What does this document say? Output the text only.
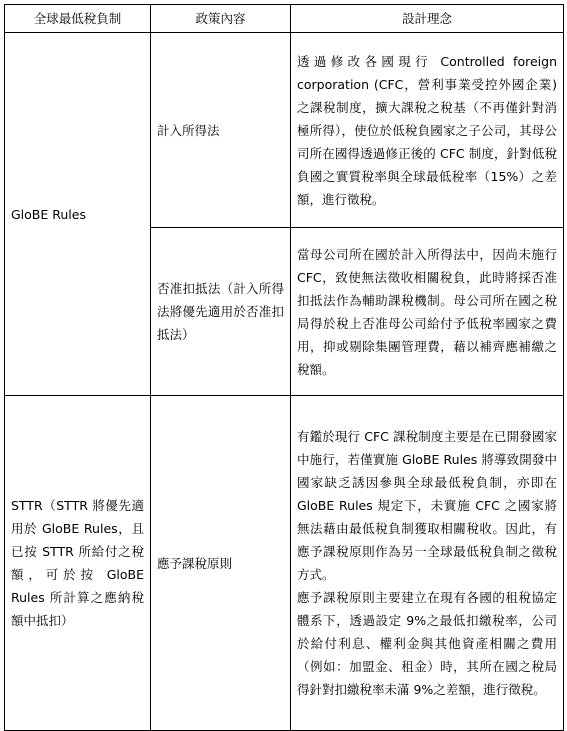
全球最低稅負制	政策內容	設計理念
GloBE Rules	計入所得法	透過修改各國現行 Controlled foreign corporation (CFC，營利事業受控外國企業)之課稅制度，擴大課稅之稅基（不再僅針對消極所得），使位於低稅負國家之子公司，其母公司所在國得透過修正後的 CFC 制度，針對低稅負國之實質稅率與全球最低稅率（15%）之差額，進行徵稅。
	否准扣抵法（計入所得法將優先適用於否准扣抵法）	當母公司所在國於計入所得法中，因尚未施行 CFC，致使無法徵收相關稅負，此時將採否准扣抵法作為輔助課稅機制。母公司所在國之稅局得於稅上否准母公司給付予低稅率國家之費用，抑或剔除集團管理費，藉以補齊應補繳之稅額。
STTR（STTR 將優先適用於 GloBE Rules，且已按 STTR 所給付之稅額，可於按 GloBE Rules 所計算之應納稅額中抵扣）	應予課稅原則	有鑑於現行 CFC 課稅制度主要是在已開發國家中施行，若僅實施 GloBE Rules 將導致開發中國家缺乏誘因參與全球最低稅負制，亦即在 GloBE Rules 規定下，未實施 CFC 之國家將無法藉由最低稅負制獲取相關稅收。因此，有應予課稅原則作為另一全球最低稅負制之徵稅方式。
應予課稅原則主要建立在現有各國的租稅協定體系下，透過設定 9%之最低扣繳稅率，公司於給付利息、權利金與其他資產相關之費用（例如：加盟金、租金）時，其所在國之稅局得針對扣繳稅率未滿 9%之差額，進行徵稅。
